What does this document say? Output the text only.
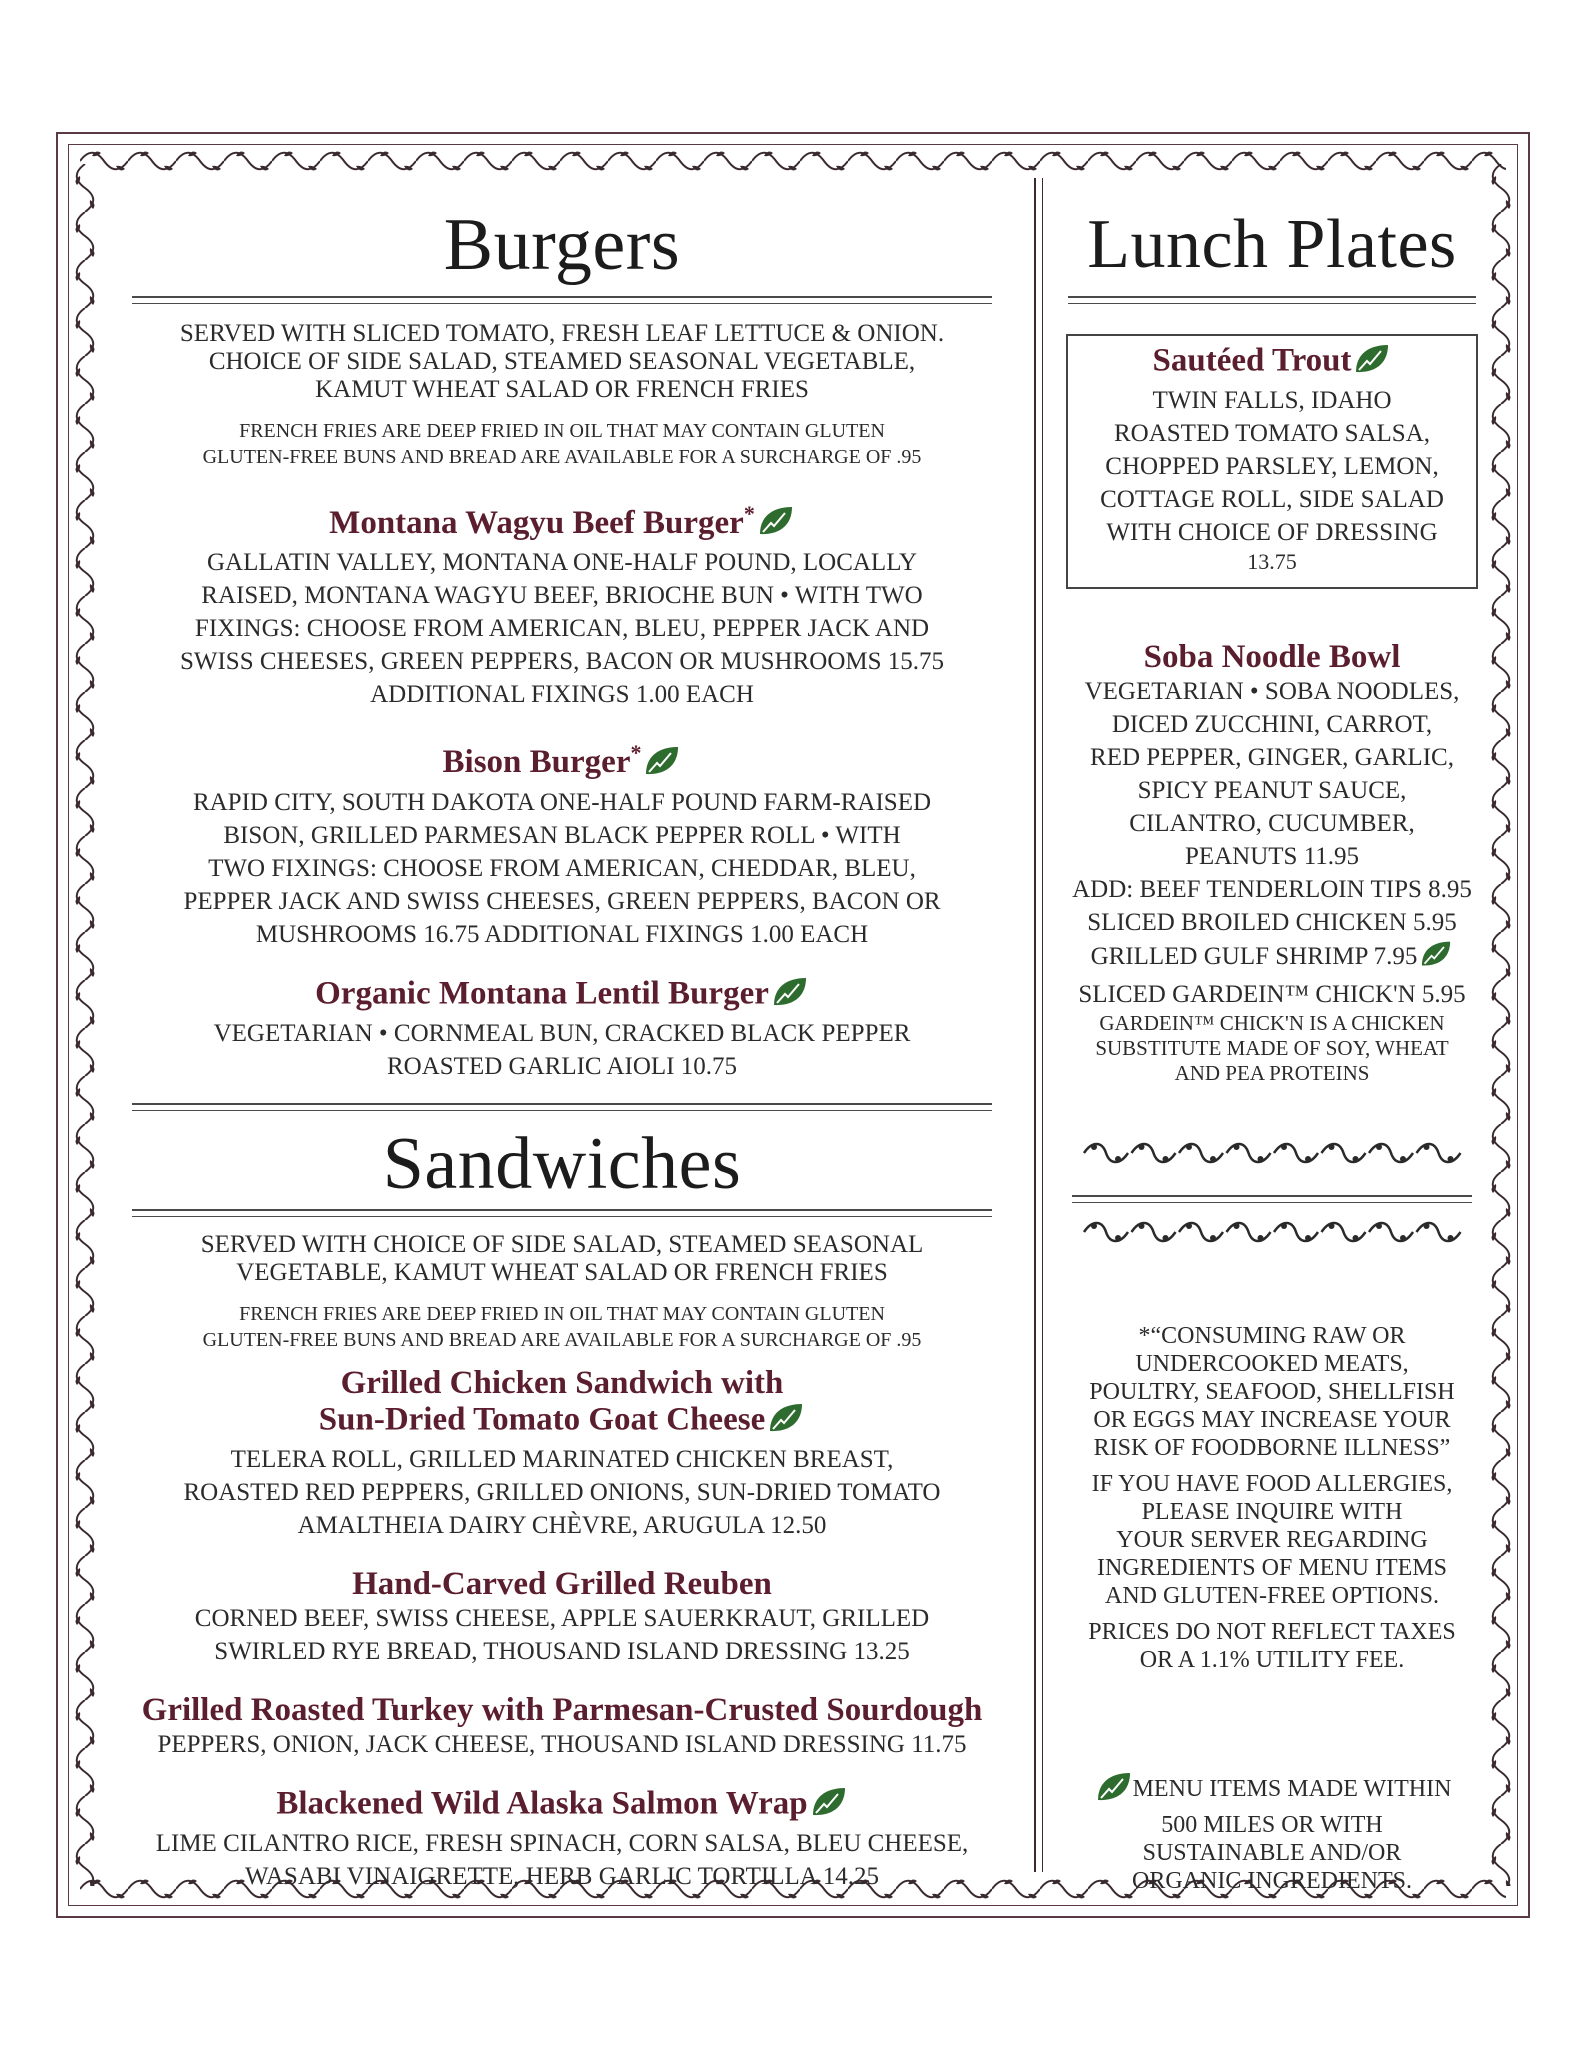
Burgers
SERVED WITH SLICED TOMATO, FRESH LEAF LETTUCE & ONION.
CHOICE OF SIDE SALAD, STEAMED SEASONAL VEGETABLE,
KAMUT WHEAT SALAD OR FRENCH FRIES
FRENCH FRIES ARE DEEP FRIED IN OIL THAT MAY CONTAIN GLUTEN
GLUTEN-FREE BUNS AND BREAD ARE AVAILABLE FOR A SURCHARGE OF .95
Montana Wagyu Beef Burger*
GALLATIN VALLEY, MONTANA ONE-HALF POUND, LOCALLY
RAISED, MONTANA WAGYU BEEF, BRIOCHE BUN • WITH TWO
FIXINGS: CHOOSE FROM AMERICAN, BLEU, PEPPER JACK AND
SWISS CHEESES, GREEN PEPPERS, BACON OR MUSHROOMS 15.75
ADDITIONAL FIXINGS 1.00 EACH
Bison Burger*
RAPID CITY, SOUTH DAKOTA ONE-HALF POUND FARM-RAISED
BISON, GRILLED PARMESAN BLACK PEPPER ROLL • WITH
TWO FIXINGS: CHOOSE FROM AMERICAN, CHEDDAR, BLEU,
PEPPER JACK AND SWISS CHEESES, GREEN PEPPERS, BACON OR
MUSHROOMS 16.75 ADDITIONAL FIXINGS 1.00 EACH
Organic Montana Lentil Burger
VEGETARIAN • CORNMEAL BUN, CRACKED BLACK PEPPER
ROASTED GARLIC AIOLI 10.75
Sandwiches
SERVED WITH CHOICE OF SIDE SALAD, STEAMED SEASONAL
VEGETABLE, KAMUT WHEAT SALAD OR FRENCH FRIES
FRENCH FRIES ARE DEEP FRIED IN OIL THAT MAY CONTAIN GLUTEN
GLUTEN-FREE BUNS AND BREAD ARE AVAILABLE FOR A SURCHARGE OF .95
Grilled Chicken Sandwich with
Sun-Dried Tomato Goat Cheese
TELERA ROLL, GRILLED MARINATED CHICKEN BREAST,
ROASTED RED PEPPERS, GRILLED ONIONS, SUN-DRIED TOMATO
AMALTHEIA DAIRY CHÈVRE, ARUGULA 12.50
Hand-Carved Grilled Reuben
CORNED BEEF, SWISS CHEESE, APPLE SAUERKRAUT, GRILLED
SWIRLED RYE BREAD, THOUSAND ISLAND DRESSING 13.25
Grilled Roasted Turkey with Parmesan-Crusted Sourdough
PEPPERS, ONION, JACK CHEESE, THOUSAND ISLAND DRESSING 11.75
Blackened Wild Alaska Salmon Wrap
LIME CILANTRO RICE, FRESH SPINACH, CORN SALSA, BLEU CHEESE,
WASABI VINAIGRETTE, HERB GARLIC TORTILLA 14.25
Lunch Plates
Sautéed Trout
TWIN FALLS, IDAHO
ROASTED TOMATO SALSA,
CHOPPED PARSLEY, LEMON,
COTTAGE ROLL, SIDE SALAD
WITH CHOICE OF DRESSING
13.75
Soba Noodle Bowl
VEGETARIAN • SOBA NOODLES,
DICED ZUCCHINI, CARROT,
RED PEPPER, GINGER, GARLIC,
SPICY PEANUT SAUCE,
CILANTRO, CUCUMBER,
PEANUTS 11.95
ADD: BEEF TENDERLOIN TIPS 8.95
SLICED BROILED CHICKEN 5.95
GRILLED GULF SHRIMP 7.95
SLICED GARDEIN™ CHICK'N 5.95
GARDEIN™ CHICK'N IS A CHICKEN
SUBSTITUTE MADE OF SOY, WHEAT
AND PEA PROTEINS
*“CONSUMING RAW OR
UNDERCOOKED MEATS,
POULTRY, SEAFOOD, SHELLFISH
OR EGGS MAY INCREASE YOUR
RISK OF FOODBORNE ILLNESS”
IF YOU HAVE FOOD ALLERGIES,
PLEASE INQUIRE WITH
YOUR SERVER REGARDING
INGREDIENTS OF MENU ITEMS
AND GLUTEN-FREE OPTIONS.
PRICES DO NOT REFLECT TAXES
OR A 1.1% UTILITY FEE.
MENU ITEMS MADE WITHIN
500 MILES OR WITH
SUSTAINABLE AND/OR
ORGANIC INGREDIENTS.
